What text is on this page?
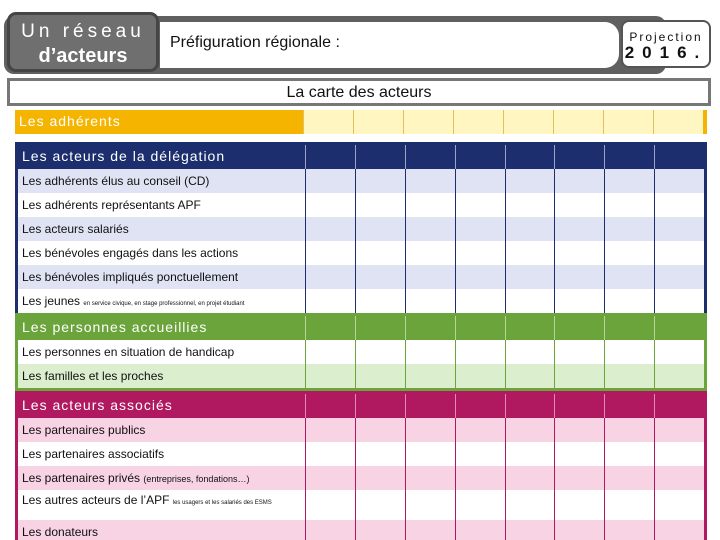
Un réseau
d’acteurs
Préfiguration régionale :	Projection
2016.
La carte des acteurs
Les adhérents
Les acteurs de la délégation
Les adhérents élus au conseil (CD)
Les adhérents représentants APF
Les acteurs salariés
Les bénévoles engagés dans les actions
Les bénévoles impliqués ponctuellement
Les jeunes en service civique, en stage professionnel, en projet étudiant
Les personnes accueillies
Les personnes en situation de handicap
Les familles et les proches
Les acteurs associés
Les partenaires publics
Les partenaires associatifs
Les partenaires privés (entreprises, fondations…)
Les autres acteurs de l’APF les usagers et les salariés des ESMS
Les donateurs
